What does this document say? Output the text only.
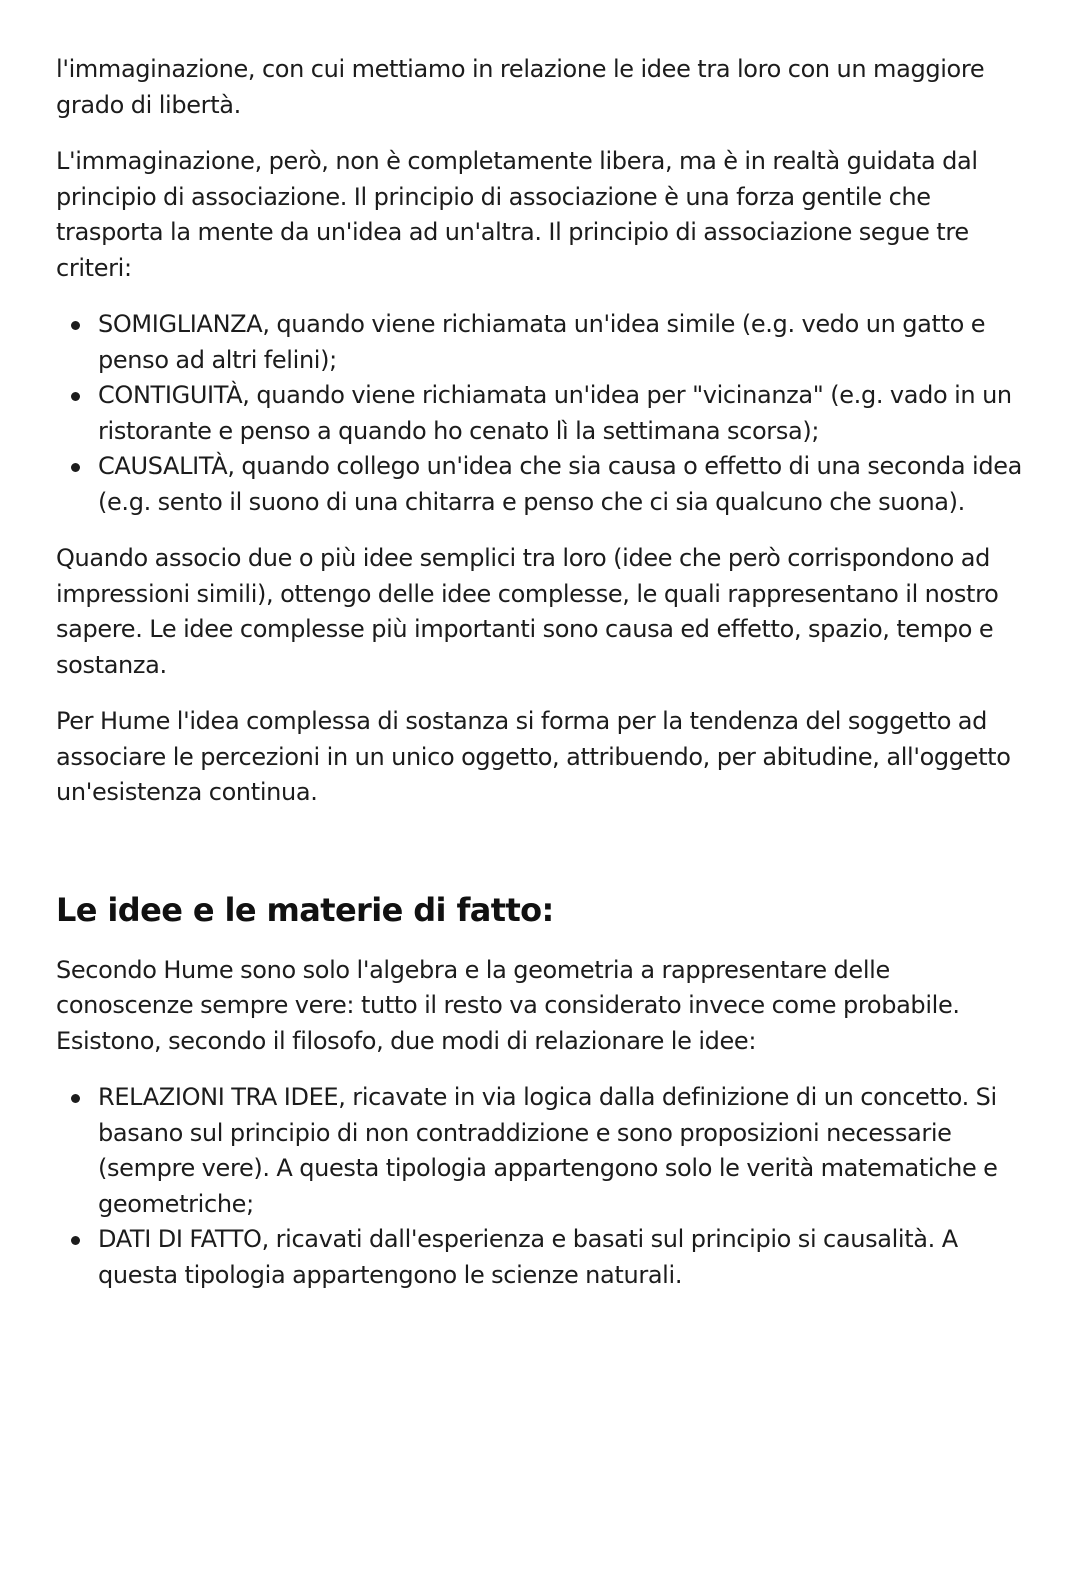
l'immaginazione, con cui mettiamo in relazione le idee tra loro con un maggiore grado di libertà.

L'immaginazione, però, non è completamente libera, ma è in realtà guidata dal principio di associazione. Il principio di associazione è una forza gentile che trasporta la mente da un'idea ad un'altra. Il principio di associazione segue tre criteri:

SOMIGLIANZA, quando viene richiamata un'idea simile (e.g. vedo un gatto e penso ad altri felini);
CONTIGUITÀ, quando viene richiamata un'idea per "vicinanza" (e.g. vado in un ristorante e penso a quando ho cenato lì la settimana scorsa);
CAUSALITÀ, quando collego un'idea che sia causa o effetto di una seconda idea (e.g. sento il suono di una chitarra e penso che ci sia qualcuno che suona).

Quando associo due o più idee semplici tra loro (idee che però corrispondono ad impressioni simili), ottengo delle idee complesse, le quali rappresentano il nostro sapere. Le idee complesse più importanti sono causa ed effetto, spazio, tempo e sostanza.

Per Hume l'idea complessa di sostanza si forma per la tendenza del soggetto ad associare le percezioni in un unico oggetto, attribuendo, per abitudine, all'oggetto un'esistenza continua.

Le idee e le materie di fatto:

Secondo Hume sono solo l'algebra e la geometria a rappresentare delle conoscenze sempre vere: tutto il resto va considerato invece come probabile. Esistono, secondo il filosofo, due modi di relazionare le idee:

RELAZIONI TRA IDEE, ricavate in via logica dalla definizione di un concetto. Si basano sul principio di non contraddizione e sono proposizioni necessarie (sempre vere). A questa tipologia appartengono solo le verità matematiche e geometriche;
DATI DI FATTO, ricavati dall'esperienza e basati sul principio si causalità. A questa tipologia appartengono le scienze naturali.
